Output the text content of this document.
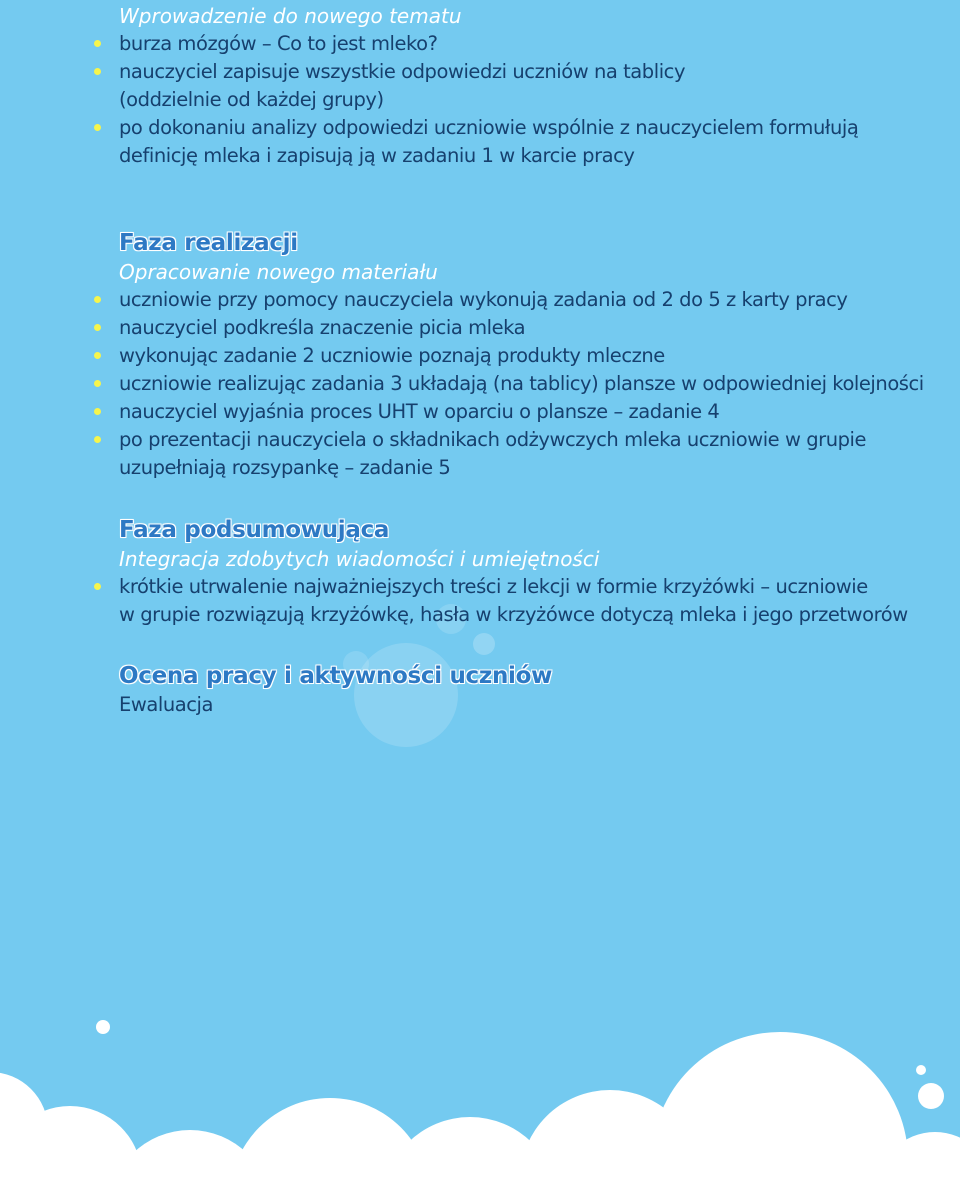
Wprowadzenie do nowego tematu
burza mózgów – Co to jest mleko?
nauczyciel zapisuje wszystkie odpowiedzi uczniów na tablicy
(oddzielnie od każdej grupy)
po dokonaniu analizy odpowiedzi uczniowie wspólnie z nauczycielem formułują
definicję mleka i zapisują ją w zadaniu 1 w karcie pracy
Faza realizacji
Opracowanie nowego materiału
uczniowie przy pomocy nauczyciela wykonują zadania od 2 do 5 z karty pracy
nauczyciel podkreśla znaczenie picia mleka
wykonując zadanie 2 uczniowie poznają produkty mleczne
uczniowie realizując zadania 3 układają (na tablicy) plansze w odpowiedniej kolejności
nauczyciel wyjaśnia proces UHT w oparciu o plansze – zadanie 4
po prezentacji nauczyciela o składnikach odżywczych mleka uczniowie w grupie
uzupełniają rozsypankę – zadanie 5
Faza podsumowująca
Integracja zdobytych wiadomości i umiejętności
krótkie utrwalenie najważniejszych treści z lekcji w formie krzyżówki – uczniowie
w grupie rozwiązują krzyżówkę, hasła w krzyżówce dotyczą mleka i jego przetworów
Ocena pracy i aktywności uczniów
Ewaluacja
